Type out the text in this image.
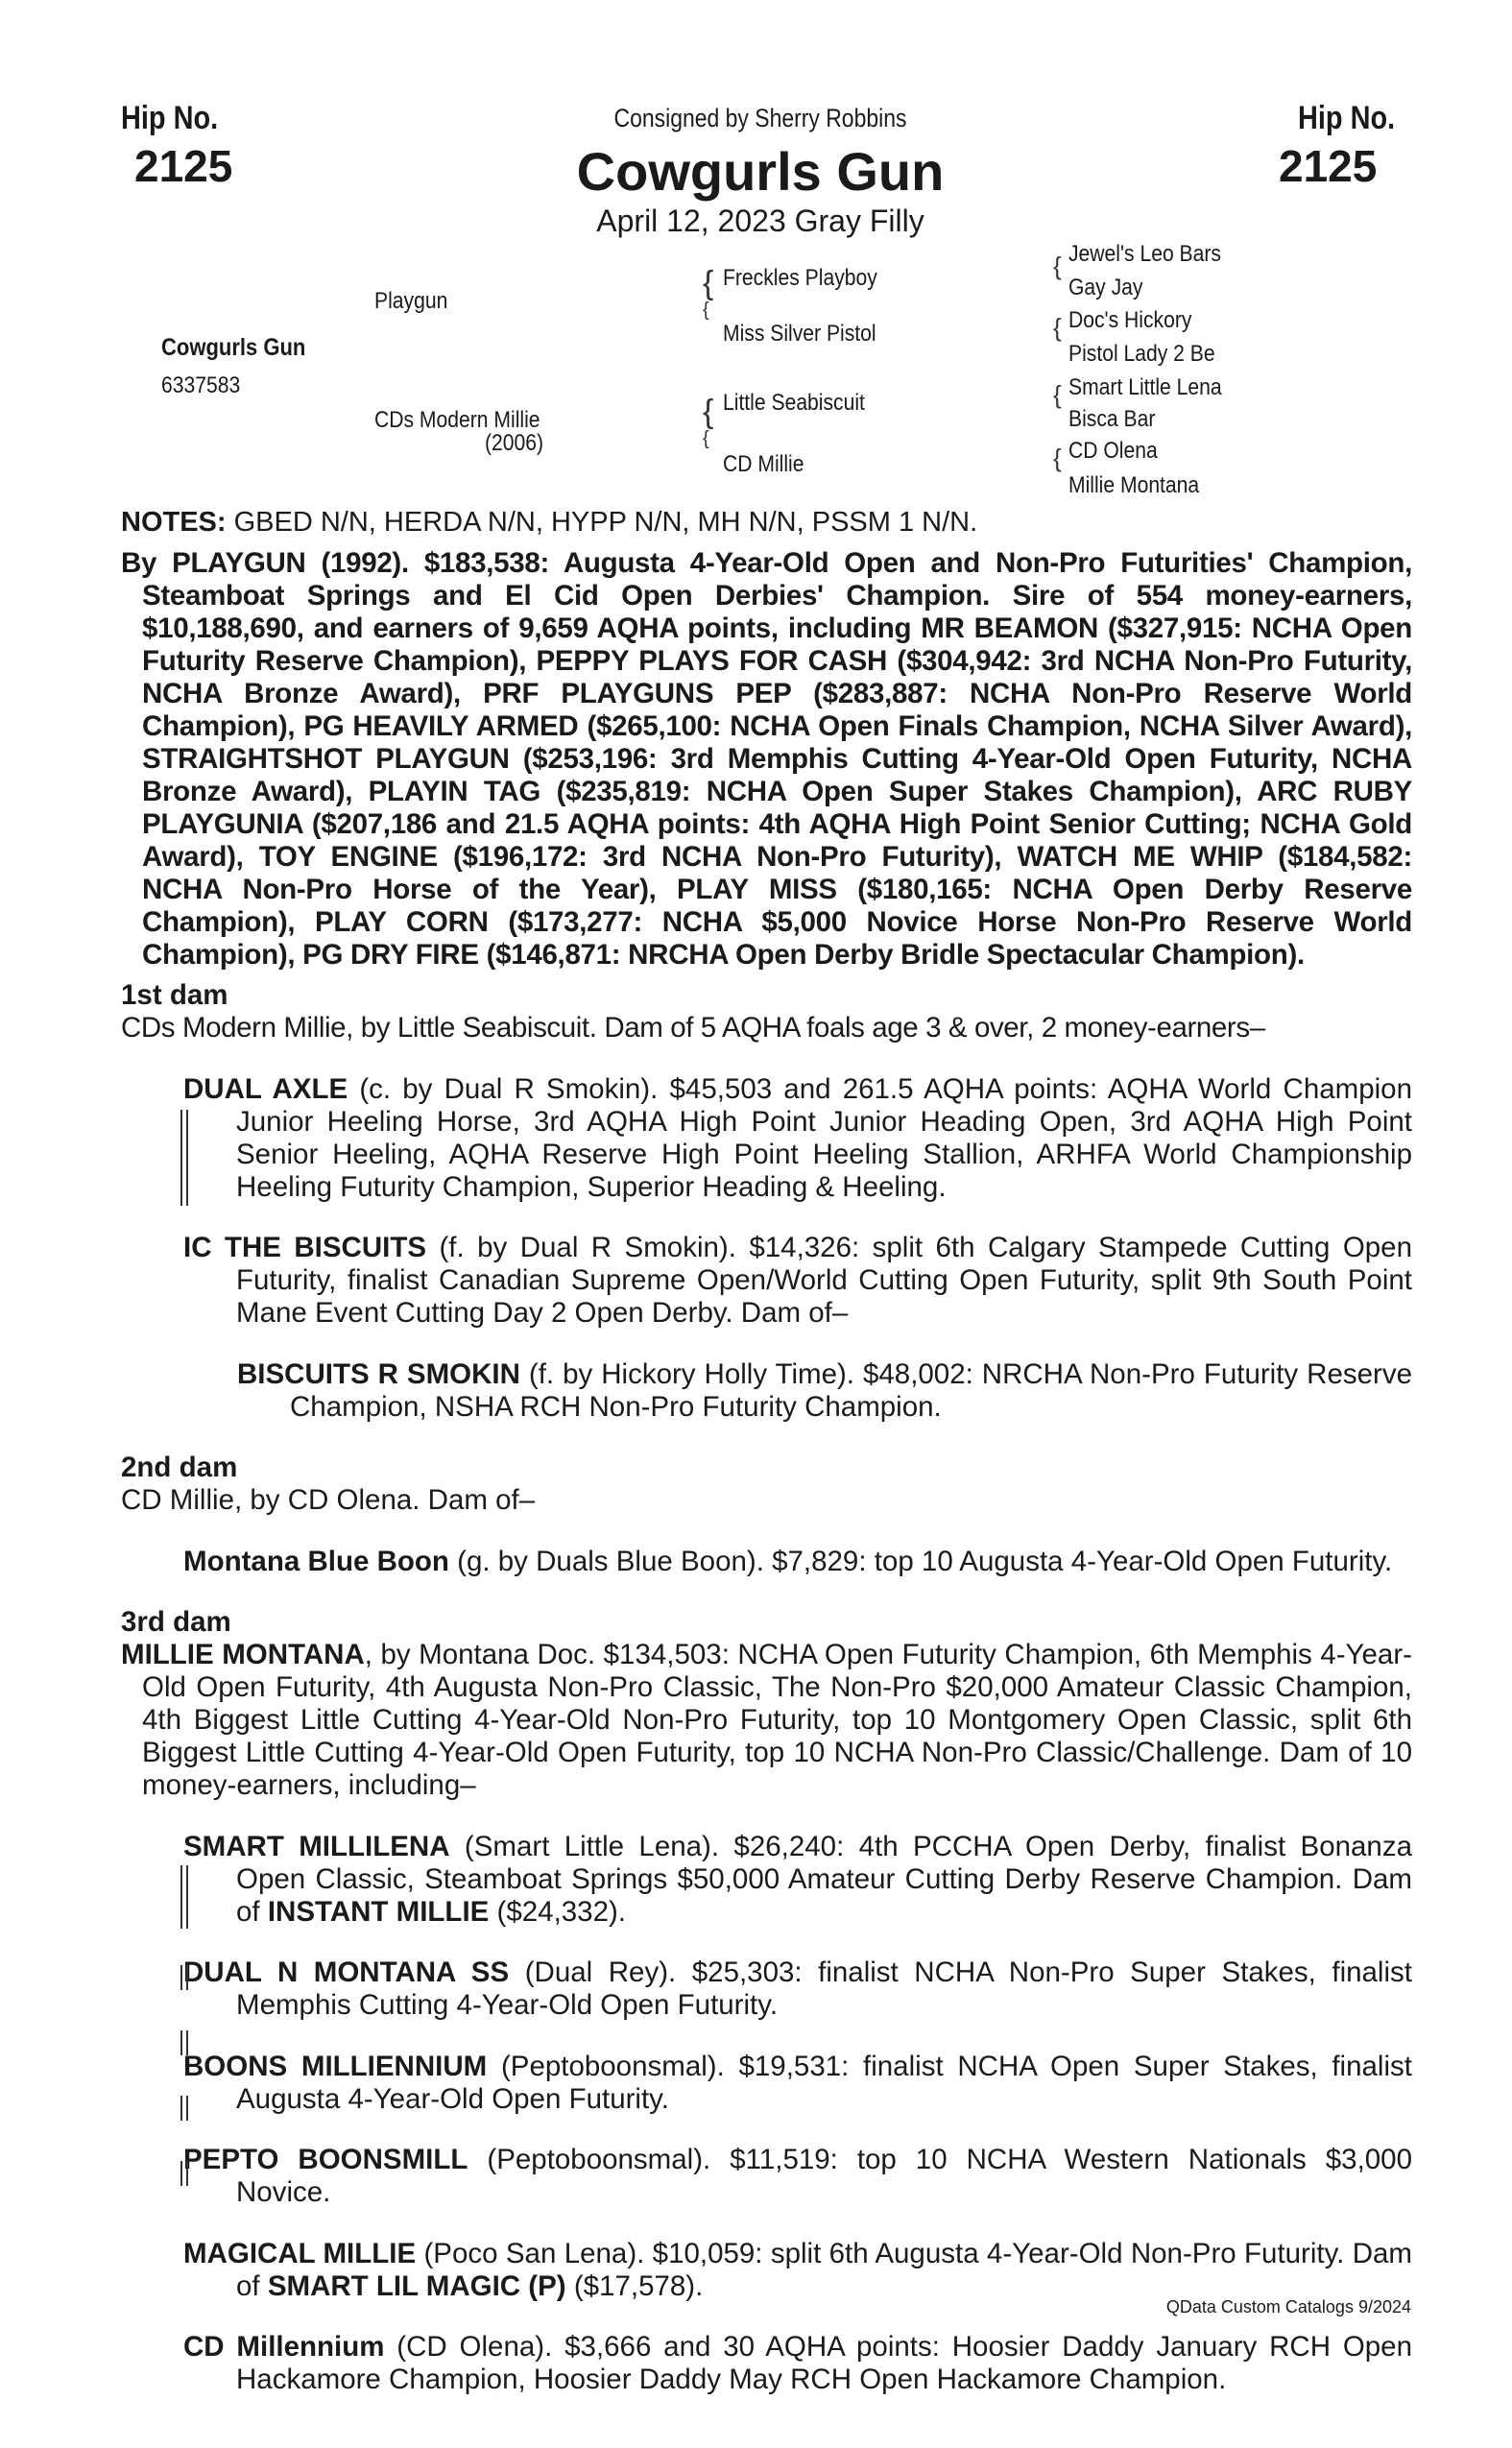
Hip No.
2125
Hip No.
2125
Consigned by Sherry Robbins
Cowgurls Gun
April 12, 2023 Gray Filly
Cowgurls Gun
6337583
Playgun
CDs Modern Millie
(2006)
{
{
Freckles Playboy
Miss Silver Pistol
{
{
Little Seabiscuit
CD Millie
{ Jewel's Leo Bars
Gay Jay
{ Doc's Hickory
Pistol Lady 2 Be
{ Smart Little Lena
Bisca Bar
{ CD Olena
Millie Montana
NOTES: GBED N/N, HERDA N/N, HYPP N/N, MH N/N, PSSM 1 N/N.

By PLAYGUN (1992). $183,538: Augusta 4-Year-Old Open and Non-Pro Futurities' Champion, Steamboat Springs and El Cid Open Derbies' Champion. Sire of 554 money-earners, $10,188,690, and earners of 9,659 AQHA points, including MR BEAMON ($327,915: NCHA Open Futurity Reserve Champion), PEPPY PLAYS FOR CASH ($304,942: 3rd NCHA Non-Pro Futurity, NCHA Bronze Award), PRF PLAYGUNS PEP ($283,887: NCHA Non-Pro Reserve World Champion), PG HEAVILY ARMED ($265,100: NCHA Open Finals Champion, NCHA Silver Award), STRAIGHTSHOT PLAYGUN ($253,196: 3rd Memphis Cutting 4-Year-Old Open Futurity, NCHA Bronze Award), PLAYIN TAG ($235,819: NCHA Open Super Stakes Champion), ARC RUBY PLAYGUNIA ($207,186 and 21.5 AQHA points: 4th AQHA High Point Senior Cutting; NCHA Gold Award), TOY ENGINE ($196,172: 3rd NCHA Non-Pro Futurity), WATCH ME WHIP ($184,582: NCHA Non-Pro Horse of the Year), PLAY MISS ($180,165: NCHA Open Derby Reserve Champion), PLAY CORN ($173,277: NCHA $5,000 Novice Horse Non-Pro Reserve World Champion), PG DRY FIRE ($146,871: NRCHA Open Derby Bridle Spectacular Champion).

1st dam

CDs Modern Millie, by Little Seabiscuit. Dam of 5 AQHA foals age 3 & over, 2 money-earners–

DUAL AXLE (c. by Dual R Smokin). $45,503 and 261.5 AQHA points: AQHA World Champion Junior Heeling Horse, 3rd AQHA High Point Junior Heading Open, 3rd AQHA High Point Senior Heeling, AQHA Reserve High Point Heeling Stallion, ARHFA World Championship Heeling Futurity Champion, Superior Heading & Heeling.

IC THE BISCUITS (f. by Dual R Smokin). $14,326: split 6th Calgary Stampede Cutting Open Futurity, finalist Canadian Supreme Open/World Cutting Open Futurity, split 9th South Point Mane Event Cutting Day 2 Open Derby. Dam of–

BISCUITS R SMOKIN (f. by Hickory Holly Time). $48,002: NRCHA Non-Pro Futurity Reserve Champion, NSHA RCH Non-Pro Futurity Champion.

2nd dam

CD Millie, by CD Olena. Dam of–

Montana Blue Boon (g. by Duals Blue Boon). $7,829: top 10 Augusta 4-Year-Old Open Futurity.

3rd dam

MILLIE MONTANA, by Montana Doc. $134,503: NCHA Open Futurity Champion, 6th Memphis 4-Year-Old Open Futurity, 4th Augusta Non-Pro Classic, The Non-Pro $20,000 Amateur Classic Champion, 4th Biggest Little Cutting 4-Year-Old Non-Pro Futurity, top 10 Montgomery Open Classic, split 6th Biggest Little Cutting 4-Year-Old Open Futurity, top 10 NCHA Non-Pro Classic/Challenge. Dam of 10 money-earners, including–

SMART MILLILENA (Smart Little Lena). $26,240: 4th PCCHA Open Derby, finalist Bonanza Open Classic, Steamboat Springs $50,000 Amateur Cutting Derby Reserve Champion. Dam of INSTANT MILLIE ($24,332).

DUAL N MONTANA SS (Dual Rey). $25,303: finalist NCHA Non-Pro Super Stakes, finalist Memphis Cutting 4-Year-Old Open Futurity.

BOONS MILLIENNIUM (Peptoboonsmal). $19,531: finalist NCHA Open Super Stakes, finalist Augusta 4-Year-Old Open Futurity.

PEPTO BOONSMILL (Peptoboonsmal). $11,519: top 10 NCHA Western Nationals $3,000 Novice.

MAGICAL MILLIE (Poco San Lena). $10,059: split 6th Augusta 4-Year-Old Non-Pro Futurity. Dam of SMART LIL MAGIC (P) ($17,578).

CD Millennium (CD Olena). $3,666 and 30 AQHA points: Hoosier Daddy January RCH Open Hackamore Champion, Hoosier Daddy May RCH Open Hackamore Champion.

QData Custom Catalogs 9/2024
